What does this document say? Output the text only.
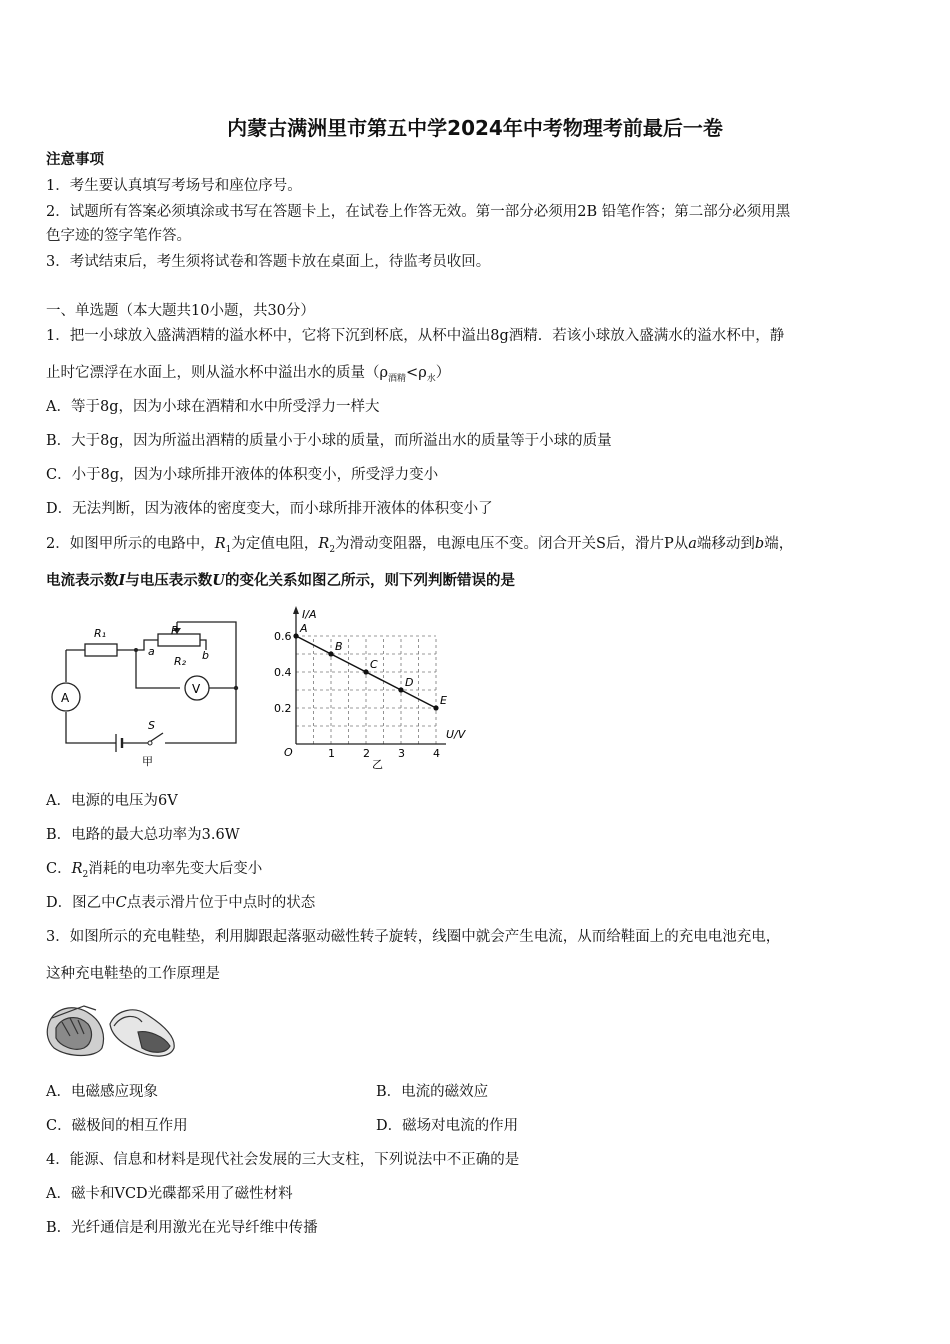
内蒙古满洲里市第五中学2024年中考物理考前最后一卷
注意事项
1．考生要认真填写考场号和座位序号。
2．试题所有答案必须填涂或书写在答题卡上，在试卷上作答无效。第一部分必须用2B 铅笔作答；第二部分必须用黑
色字迹的签字笔作答。
3．考试结束后，考生须将试卷和答题卡放在桌面上，待监考员收回。
一、单选题（本大题共10小题，共30分）
1．把一小球放入盛满酒精的溢水杯中，它将下沉到杯底，从杯中溢出8g酒精．若该小球放入盛满水的溢水杯中，静
止时它漂浮在水面上，则从溢水杯中溢出水的质量$(\rho_{酒精}<\rho_水)$
A．等于8g，因为小球在酒精和水中所受浮力一样大
B．大于8g，因为所溢出酒精的质量小于小球的质量，而所溢出水的质量等于小球的质量
C．小于8g，因为小球所排开液体的体积变小，所受浮力变小
D．无法判断，因为液体的密度变大，而小球所排开液体的体积变小了
2．如图甲所示的电路中，$R_1$为定值电阻，$R_2$为滑动变阻器，电源电压不变。闭合开关S后，滑片P从a端移动到b端，
电流表示数I与电压表示数U的变化关系如图乙所示，则下列判断错误的是
R₁	P
R₂
a	b
A
V
S
甲
I/A
U/V
O	1	2	3	4
0.2
0.4
0.6
乙
A
B
C
D
E
A．电源的电压为6V
B．电路的最大总功率为3.6W
C．$R_2$消耗的电功率先变大后变小
D．图乙中C点表示滑片位于中点时的状态
3．如图所示的充电鞋垫，利用脚跟起落驱动磁性转子旋转，线圈中就会产生电流，从而给鞋面上的充电电池充电，
这种充电鞋垫的工作原理是
A．电磁感应现象	B．电流的磁效应
C．磁极间的相互作用	D．磁场对电流的作用
4．能源、信息和材料是现代社会发展的三大支柱，下列说法中不正确的是
A．磁卡和VCD光碟都采用了磁性材料
B．光纤通信是利用激光在光导纤维中传播
